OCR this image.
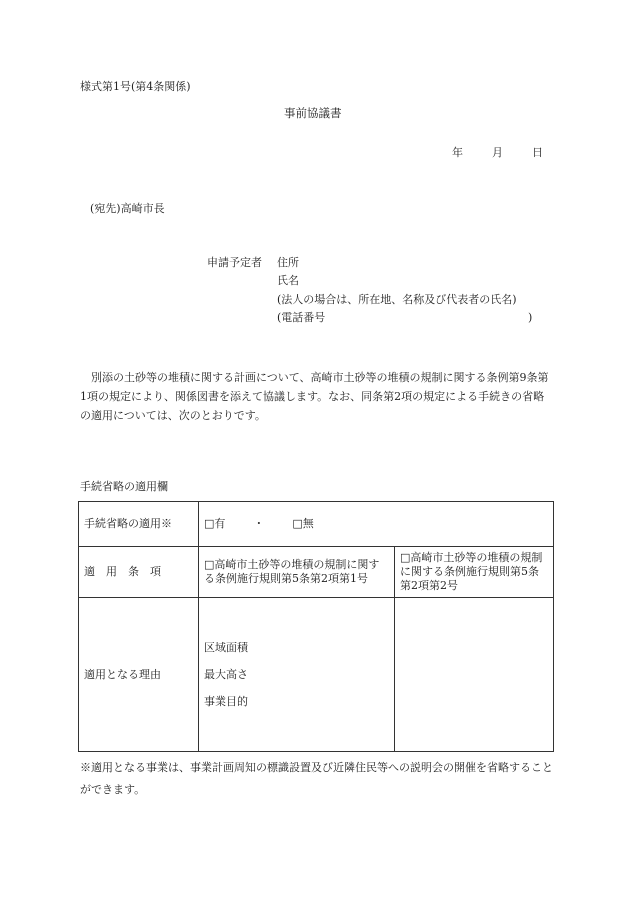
様式第1号(第4条関係)
事前協議書
年	月	日
(宛先)高崎市長
申請予定者 住所
氏名
(法人の場合は、所在地、名称及び代表者の氏名)
(電話番号	)
別添の土砂等の堆積に関する計画について、高崎市土砂等の堆積の規制に関する条例第9条第1項の規定により、関係図書を添えて協議します。なお、同条第2項の規定による手続きの省略の適用については、次のとおりです。
手続省略の適用欄
手続省略の適用※	□有 ・ □無	
適　用　条　項	□高崎市土砂等の堆積の規制に関する条例施行規則第5条第2項第1号	□高崎市土砂等の堆積の規制に関する条例施行規則第5条第2項第2号
適用となる理由	区域面積
最大高さ
事業目的	

※適用となる事業は、事業計画周知の標識設置及び近隣住民等への説明会の開催を省略することができます。
